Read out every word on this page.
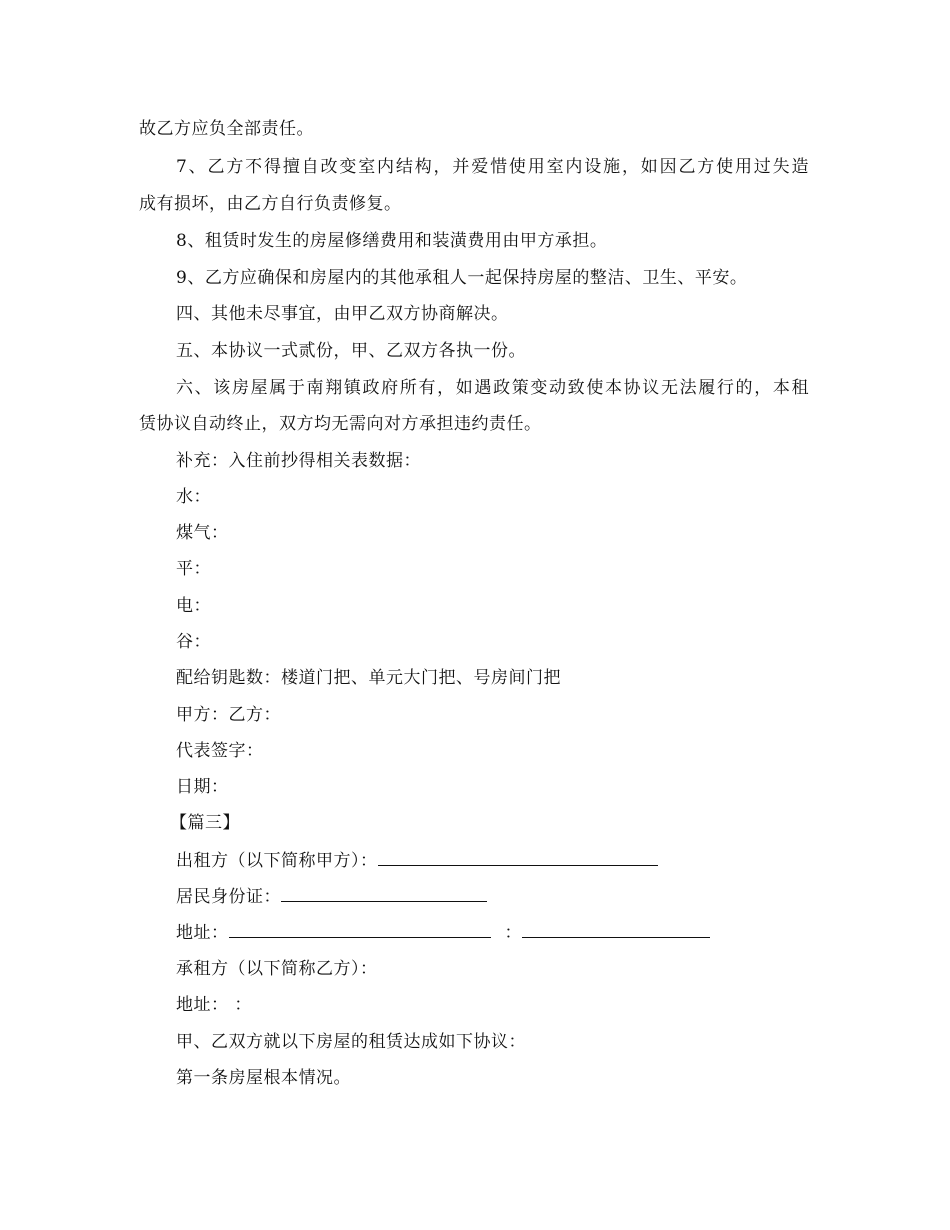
故乙方应负全部责任。
7、乙方不得擅自改变室内结构，并爱惜使用室内设施，如因乙方使用过失造
成有损坏，由乙方自行负责修复。
8、租赁时发生的房屋修缮费用和装潢费用由甲方承担。
9、乙方应确保和房屋内的其他承租人一起保持房屋的整洁、卫生、平安。
四、其他未尽事宜，由甲乙双方协商解决。
五、本协议一式贰份，甲、乙双方各执一份。
六、该房屋属于南翔镇政府所有，如遇政策变动致使本协议无法履行的，本租
赁协议自动终止，双方均无需向对方承担违约责任。
补充：入住前抄得相关表数据：
水：
煤气：
平：
电：
谷：
配给钥匙数：楼道门把、单元大门把、号房间门把
甲方：乙方：
代表签字：
日期：
【篇三】
出租方（以下简称甲方）：
居民身份证：
地址：	：
承租方（以下简称乙方）：
地址： ：
甲、乙双方就以下房屋的租赁达成如下协议：
第一条房屋根本情况。
